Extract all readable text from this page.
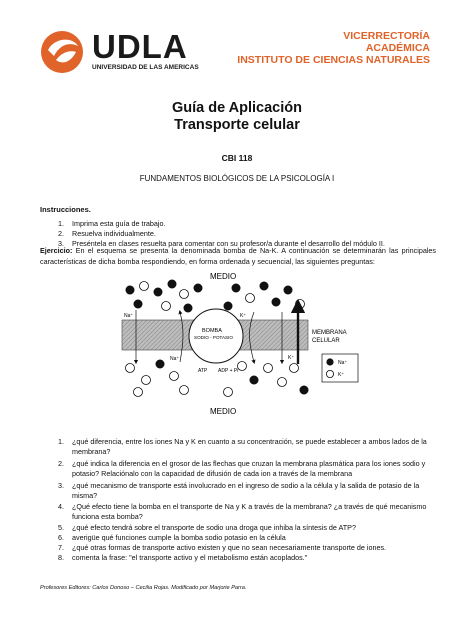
UDLA
UNIVERSIDAD DE LAS AMERICAS
VICERRECTORÍA
ACADÉMICA
INSTITUTO DE CIENCIAS NATURALES
Guía de Aplicación
Transporte celular
CBI 118
FUNDAMENTOS BIOLÓGICOS DE LA PSICOLOGÍA I
Instrucciones.
1. Imprima esta guía de trabajo.
2. Resuelva individualmente.
3. Preséntela en clases resuelta para comentar con su profesor/a durante el desarrollo del módulo II.
Ejercicio: En el esquema se presenta la denominada bomba de Na-K. A continuación se determinarán las principales características de dicha bomba respondiendo, en forma ordenada y secuencial, las siguientes preguntas:
MEDIO
MEDIO
BOMBA
SODIO - POTASIO
Na⁺	K⁺
Na⁺	K⁺
ATP ADP + Pi
MEMBRANA
CELULAR
Na⁺
K⁺
1.	¿qué diferencia, entre los iones Na y K en cuanto a su concentración, se puede establecer a ambos lados de la membrana?
2.	¿qué indica la diferencia en el grosor de las flechas que cruzan la membrana plasmática para los iones sodio y potasio? Relaciónalo con la capacidad de difusión de cada ion a través de la membrana
3.	¿qué mecanismo de transporte está involucrado en el ingreso de sodio a la célula y la salida de potasio de la misma?
4.	¿Qué efecto tiene la bomba en el transporte de Na y K a través de la membrana? ¿a través de qué mecanismo funciona esta bomba?
5.	¿qué efecto tendrá sobre el transporte de sodio una droga que inhiba la síntesis de ATP?
6.	averigüe qué funciones cumple la bomba sodio potasio en la célula
7.	¿qué otras formas de transporte activo existen y que no sean necesariamente transporte de iones.
8.	comenta la frase: "el transporte activo y el metabolismo están acoplados."
Profesores Editores: Carlos Donoso – Cecilia Rojas. Modificado por Marjorie Parra.
